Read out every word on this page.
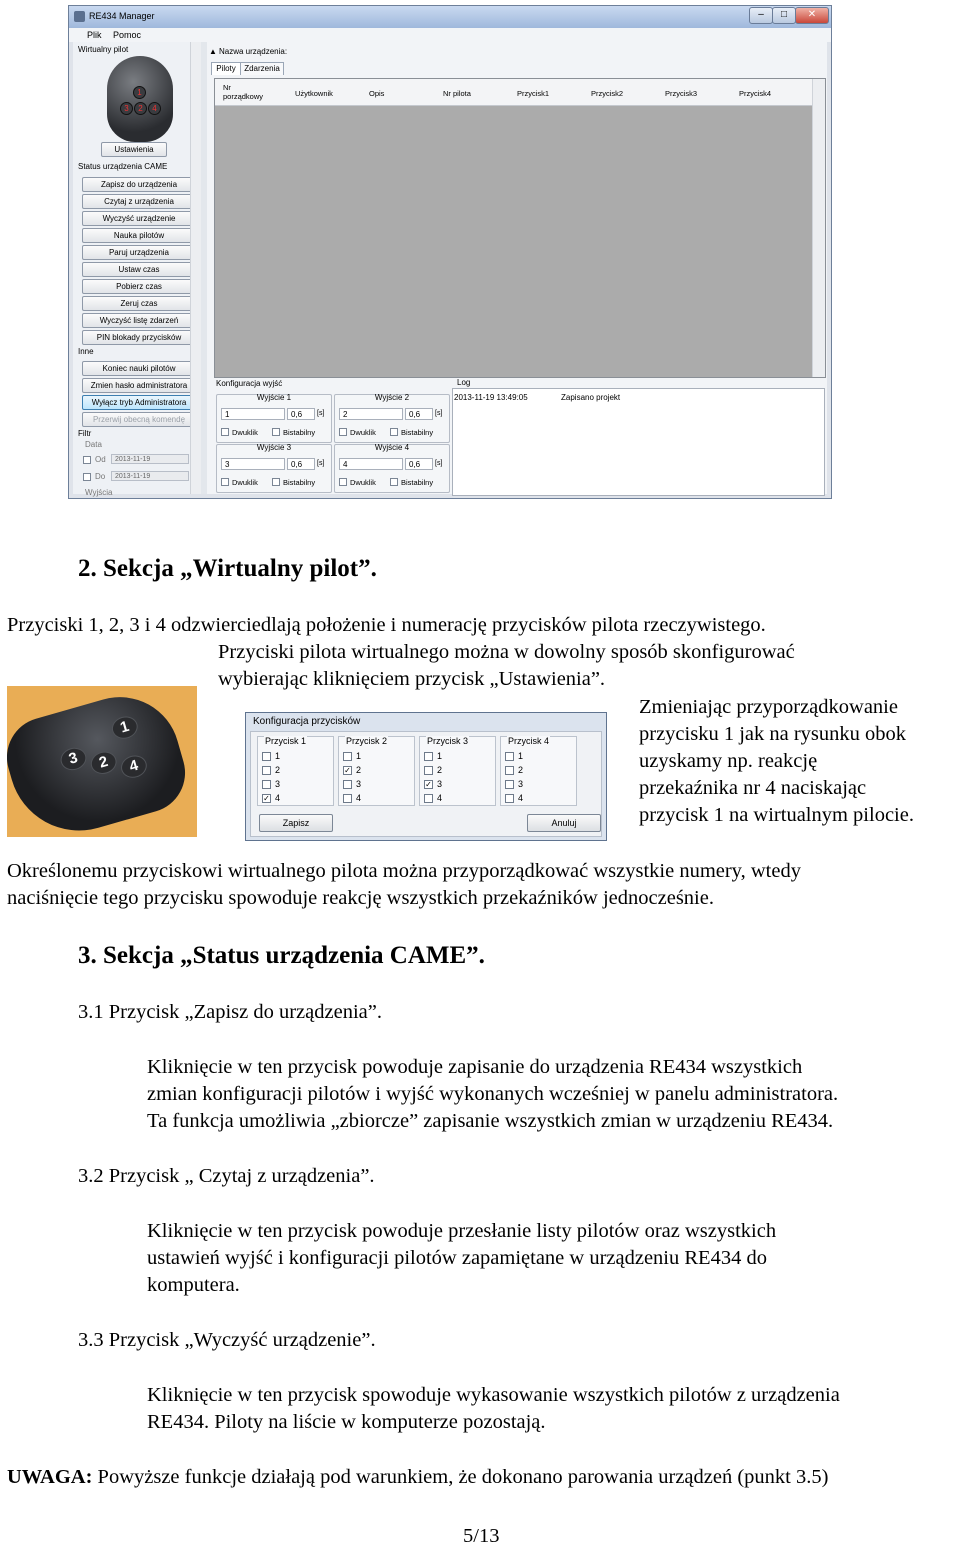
RE434 Manager	–	□	✕
Plik Pomoc
Wirtualny pilot
1
3	2	4
Ustawienia
Status urządzenia CAME
Zapisz do urządzenia
Czytaj z urządzenia
Wyczyść urządzenie
Nauka pilotów
Paruj urządzenia
Ustaw czas
Pobierz czas
Zeruj czas
Wyczyść listę zdarzeń
PIN blokady przycisków
Inne
Koniec nauki pilotów
Zmien hasło administratora
Wyłącz tryb Administratora
Przerwij obecną komendę
Filtr
Data
Od	2013-11-19
Do	2013-11-19
Wyjścia
▲ Nazwa urządzenia:
Piloty	Zdarzenia
Nr porządkowy	Użytkownik	Opis	Nr pilota	Przycisk1	Przycisk2	Przycisk3	Przycisk4
Konfiguracja wyjść
Wyjście 1
1	0,6	[s]
Dwuklik	Bistabilny
Wyjście 2
2	0,6	[s]
Dwuklik	Bistabilny
Wyjście 3
3	0,6	[s]
Dwuklik	Bistabilny
Wyjście 4
4	0,6	[s]
Dwuklik	Bistabilny
Log
2013-11-19 13:49:05	Zapisano projekt
2. Sekcja „Wirtualny pilot”.
Przyciski 1, 2, 3 i 4 odzwierciedlają położenie i numerację przycisków pilota rzeczywistego.
Przyciski pilota wirtualnego można w dowolny sposób skonfigurować
wybierając kliknięciem przycisk „Ustawienia”.
1
3	2	4
Konfiguracja przycisków
Przycisk 1
1
2
3
✓ 4
Przycisk 2
1
✓ 2
3
4
Przycisk 3
1
2
✓ 3
4
Przycisk 4
1
2
3
4
Zapisz	Anuluj
Zmieniając przyporządkowanie
przycisku 1 jak na rysunku obok
uzyskamy np. reakcję
przekaźnika nr 4 naciskając
przycisk 1 na wirtualnym pilocie.
Określonemu przyciskowi wirtualnego pilota można przyporządkować wszystkie numery, wtedy
naciśnięcie tego przycisku spowoduje reakcję wszystkich przekaźników jednocześnie.
3. Sekcja „Status urządzenia CAME”.
3.1 Przycisk „Zapisz do urządzenia”.
Kliknięcie w ten przycisk powoduje zapisanie do urządzenia RE434 wszystkich
zmian konfiguracji pilotów i wyjść wykonanych wcześniej w panelu administratora.
Ta funkcja umożliwia „zbiorcze” zapisanie wszystkich zmian w urządzeniu RE434.
3.2 Przycisk „ Czytaj z urządzenia”.
Kliknięcie w ten przycisk powoduje przesłanie listy pilotów oraz wszystkich
ustawień wyjść i konfiguracji pilotów zapamiętane w urządzeniu RE434 do
komputera.
3.3 Przycisk „Wyczyść urządzenie”.
Kliknięcie w ten przycisk spowoduje wykasowanie wszystkich pilotów z urządzenia
RE434. Piloty na liście w komputerze pozostają.
UWAGA: Powyższe funkcje działają pod warunkiem, że dokonano parowania urządzeń (punkt 3.5)
5/13
